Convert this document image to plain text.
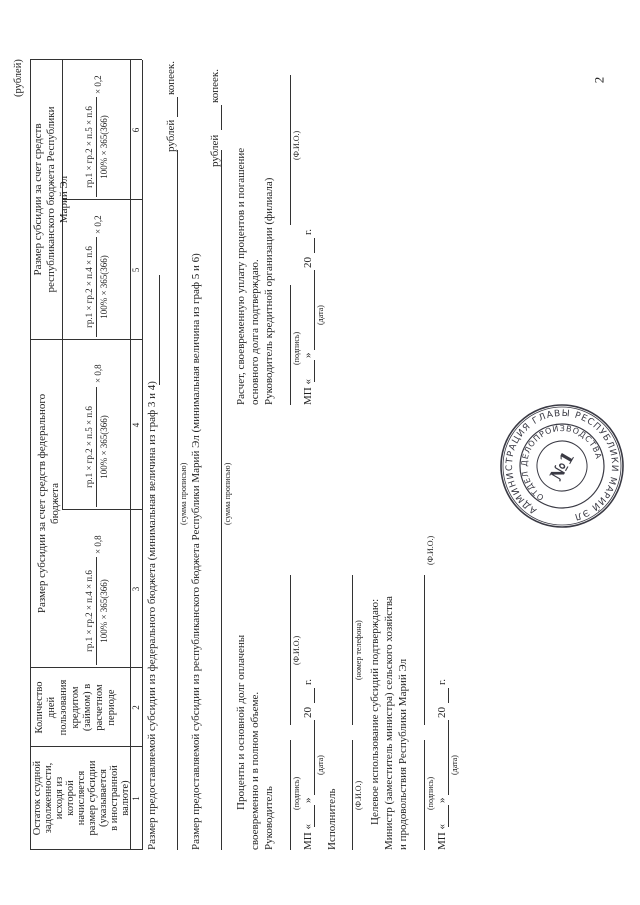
2
(рублей)
Остаток ссудной задолженности, исходя из которой начисляется размер субсидии (указывается в иностранной валюте)
Количество дней пользования кредитом (займом) в расчетном периоде
Размер субсидии за счет средств федерального бюджета
Размер субсидии за счет средств республиканского бюджета Республики Марий Эл
гр.1 × гр.2 × п.4 × п.6 100% × 365(366)
× 0,8
гр.1 × гр.2 × п.5 × п.6 100% × 365(366)
× 0,8
гр.1 × гр.2 × п.4 × п.6 100% × 365(366)
× 0,2
гр.1 × гр.2 × п.5 × п.6 100% × 365(366)
× 0,2
1
2
3
4
5
6
Размер предоставляемой субсидии из федерального бюджета (минимальная величина из граф 3 и 4)	(сумма прописью)
рублей
копеек.
Размер предоставляемой субсидии из республиканского бюджета Республики Марий Эл (минимальная величина из граф 5 и 6)	(сумма прописью)
рублей
копеек.
Проценты и основной долг оплачены своевременно и в полном объеме. Руководитель (подпись)
(Ф.И.О.)
МП «
»
20
г.
(дата)
Исполнитель (Ф.И.О.)
(номер телефона)
Расчет, своевременную уплату процентов и погашение основного долга подтверждаю. Руководитель кредитной организации (филиала) (подпись)
(Ф.И.О.)
МП «
»
20
г.
(дата)
Целевое использование субсидий подтверждаю: Министр (заместитель министра) сельского хозяйства и продовольствия Республики Марий Эл (подпись)
(Ф.И.О.)
МП «
»
20
г.
(дата)
АДМИНИСТРАЦИЯ ГЛАВЫ РЕСПУБЛИКИ МАРИЙ ЭЛ
ОТДЕЛ ДЕЛОПРОИЗВОДСТВА
№1
